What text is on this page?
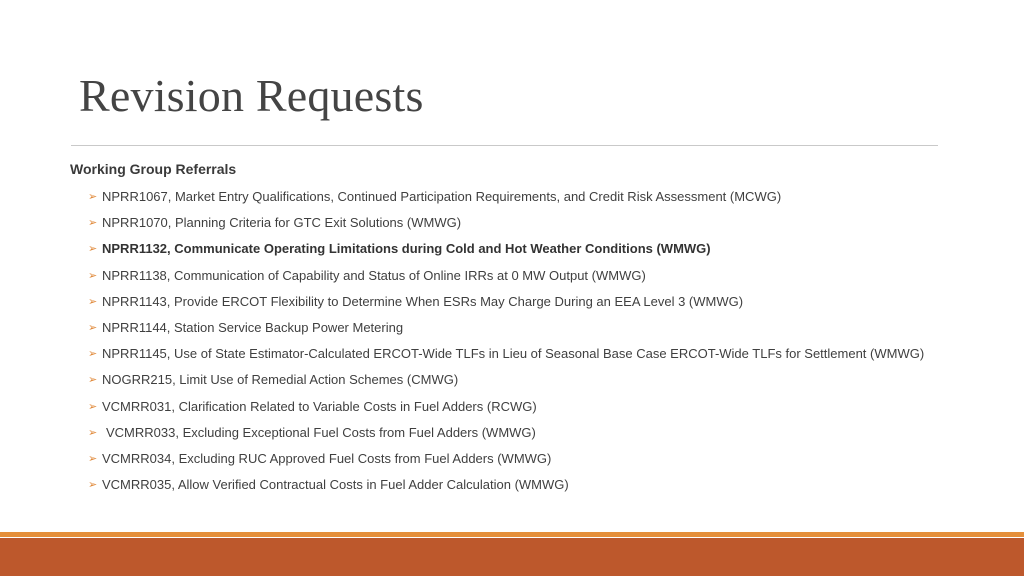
Revision Requests
Working Group Referrals
➢ NPRR1067, Market Entry Qualifications, Continued Participation Requirements, and Credit Risk Assessment (MCWG)
➢ NPRR1070, Planning Criteria for GTC Exit Solutions (WMWG)
➢ NPRR1132, Communicate Operating Limitations during Cold and Hot Weather Conditions (WMWG)
➢ NPRR1138, Communication of Capability and Status of Online IRRs at 0 MW Output (WMWG)
➢ NPRR1143, Provide ERCOT Flexibility to Determine When ESRs May Charge During an EEA Level 3 (WMWG)
➢ NPRR1144, Station Service Backup Power Metering
➢ NPRR1145, Use of State Estimator-Calculated ERCOT-Wide TLFs in Lieu of Seasonal Base Case ERCOT-Wide TLFs for Settlement (WMWG)
➢ NOGRR215, Limit Use of Remedial Action Schemes (CMWG)
➢ VCMRR031, Clarification Related to Variable Costs in Fuel Adders (RCWG)
➢ VCMRR033, Excluding Exceptional Fuel Costs from Fuel Adders (WMWG)
➢ VCMRR034, Excluding RUC Approved Fuel Costs from Fuel Adders (WMWG)
➢ VCMRR035, Allow Verified Contractual Costs in Fuel Adder Calculation (WMWG)
